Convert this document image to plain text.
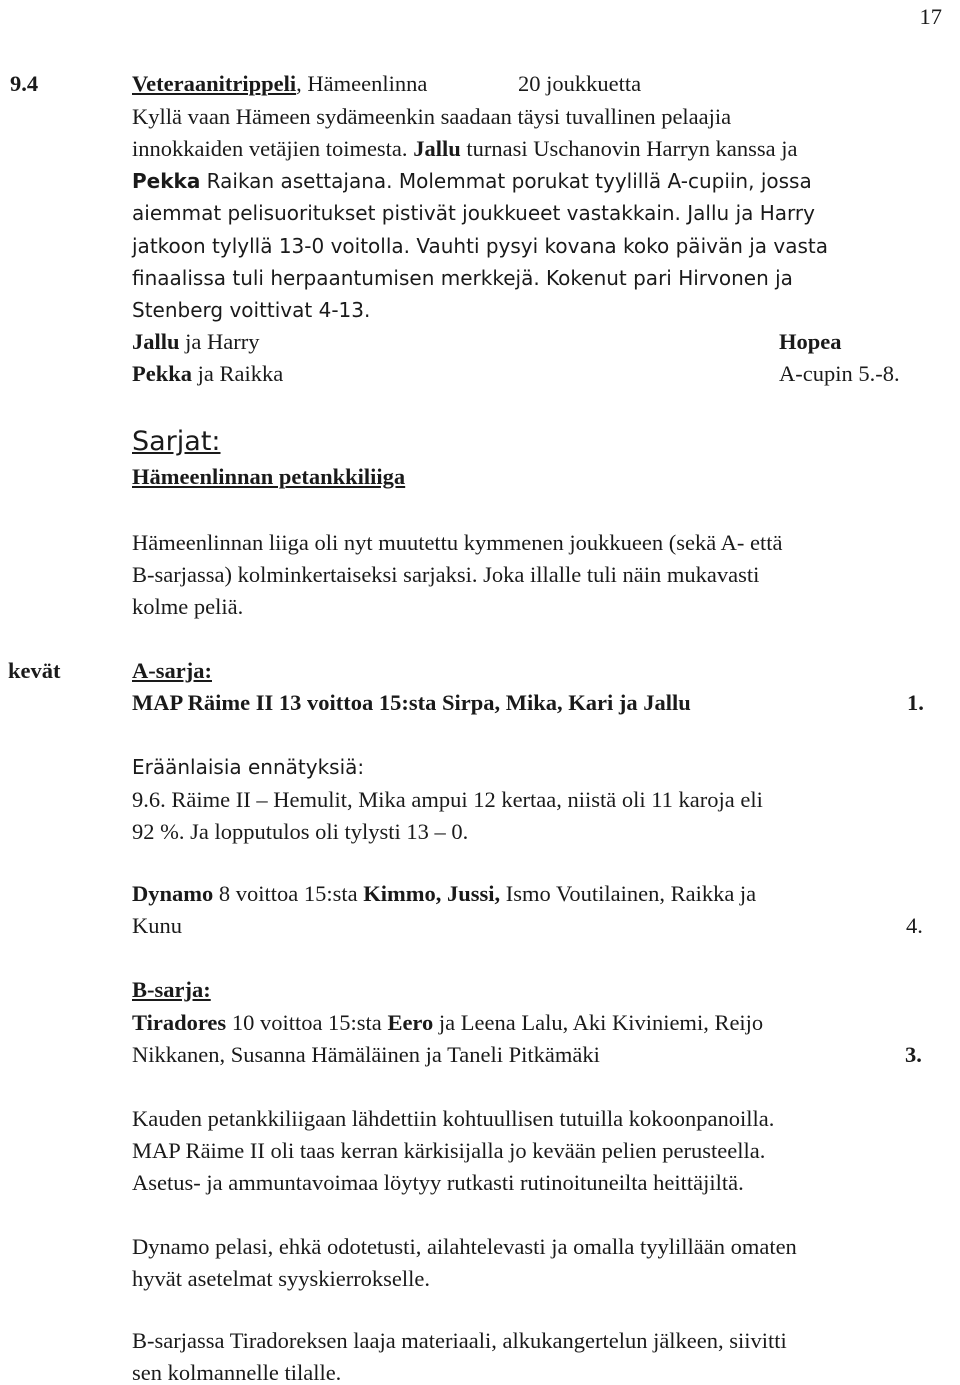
17
9.4	Veteraanitrippeli, Hämeenlinna	20 joukkuetta
Kyllä vaan Hämeen sydämeenkin saadaan täysi tuvallinen pelaajia
innokkaiden vetäjien toimesta. Jallu turnasi Uschanovin Harryn kanssa ja
Pekka Raikan asettajana. Molemmat porukat tyylillä A-cupiin, jossa
aiemmat pelisuoritukset pistivät joukkueet vastakkain. Jallu ja Harry
jatkoon tylyllä 13-0 voitolla. Vauhti pysyi kovana koko päivän ja vasta
finaalissa tuli herpaantumisen merkkejä. Kokenut pari Hirvonen ja
Stenberg voittivat 4-13.
Jallu ja Harry	Hopea
Pekka ja Raikka	A-cupin 5.-8.
Sarjat:
Hämeenlinnan petankkiliiga
Hämeenlinnan liiga oli nyt muutettu kymmenen joukkueen (sekä A- että
B-sarjassa) kolminkertaiseksi sarjaksi. Joka illalle tuli näin mukavasti
kolme peliä.
kevät	A-sarja:
MAP Räime II 13 voittoa 15:sta Sirpa, Mika, Kari ja Jallu	1.
Eräänlaisia ennätyksiä:
9.6. Räime II – Hemulit, Mika ampui 12 kertaa, niistä oli 11 karoja eli
92 %. Ja lopputulos oli tylysti 13 – 0.
Dynamo 8 voittoa 15:sta Kimmo, Jussi, Ismo Voutilainen, Raikka ja
Kunu	4.
B-sarja:
Tiradores 10 voittoa 15:sta Eero ja Leena Lalu, Aki Kiviniemi, Reijo
Nikkanen, Susanna Hämäläinen ja Taneli Pitkämäki	3.
Kauden petankkiliigaan lähdettiin kohtuullisen tutuilla kokoonpanoilla.
MAP Räime II oli taas kerran kärkisijalla jo kevään pelien perusteella.
Asetus- ja ammuntavoimaa löytyy rutkasti rutinoituneilta heittäjiltä.
Dynamo pelasi, ehkä odotetusti, ailahtelevasti ja omalla tyylillään omaten
hyvät asetelmat syyskierrokselle.
B-sarjassa Tiradoreksen laaja materiaali, alkukangertelun jälkeen, siivitti
sen kolmannelle tilalle.
